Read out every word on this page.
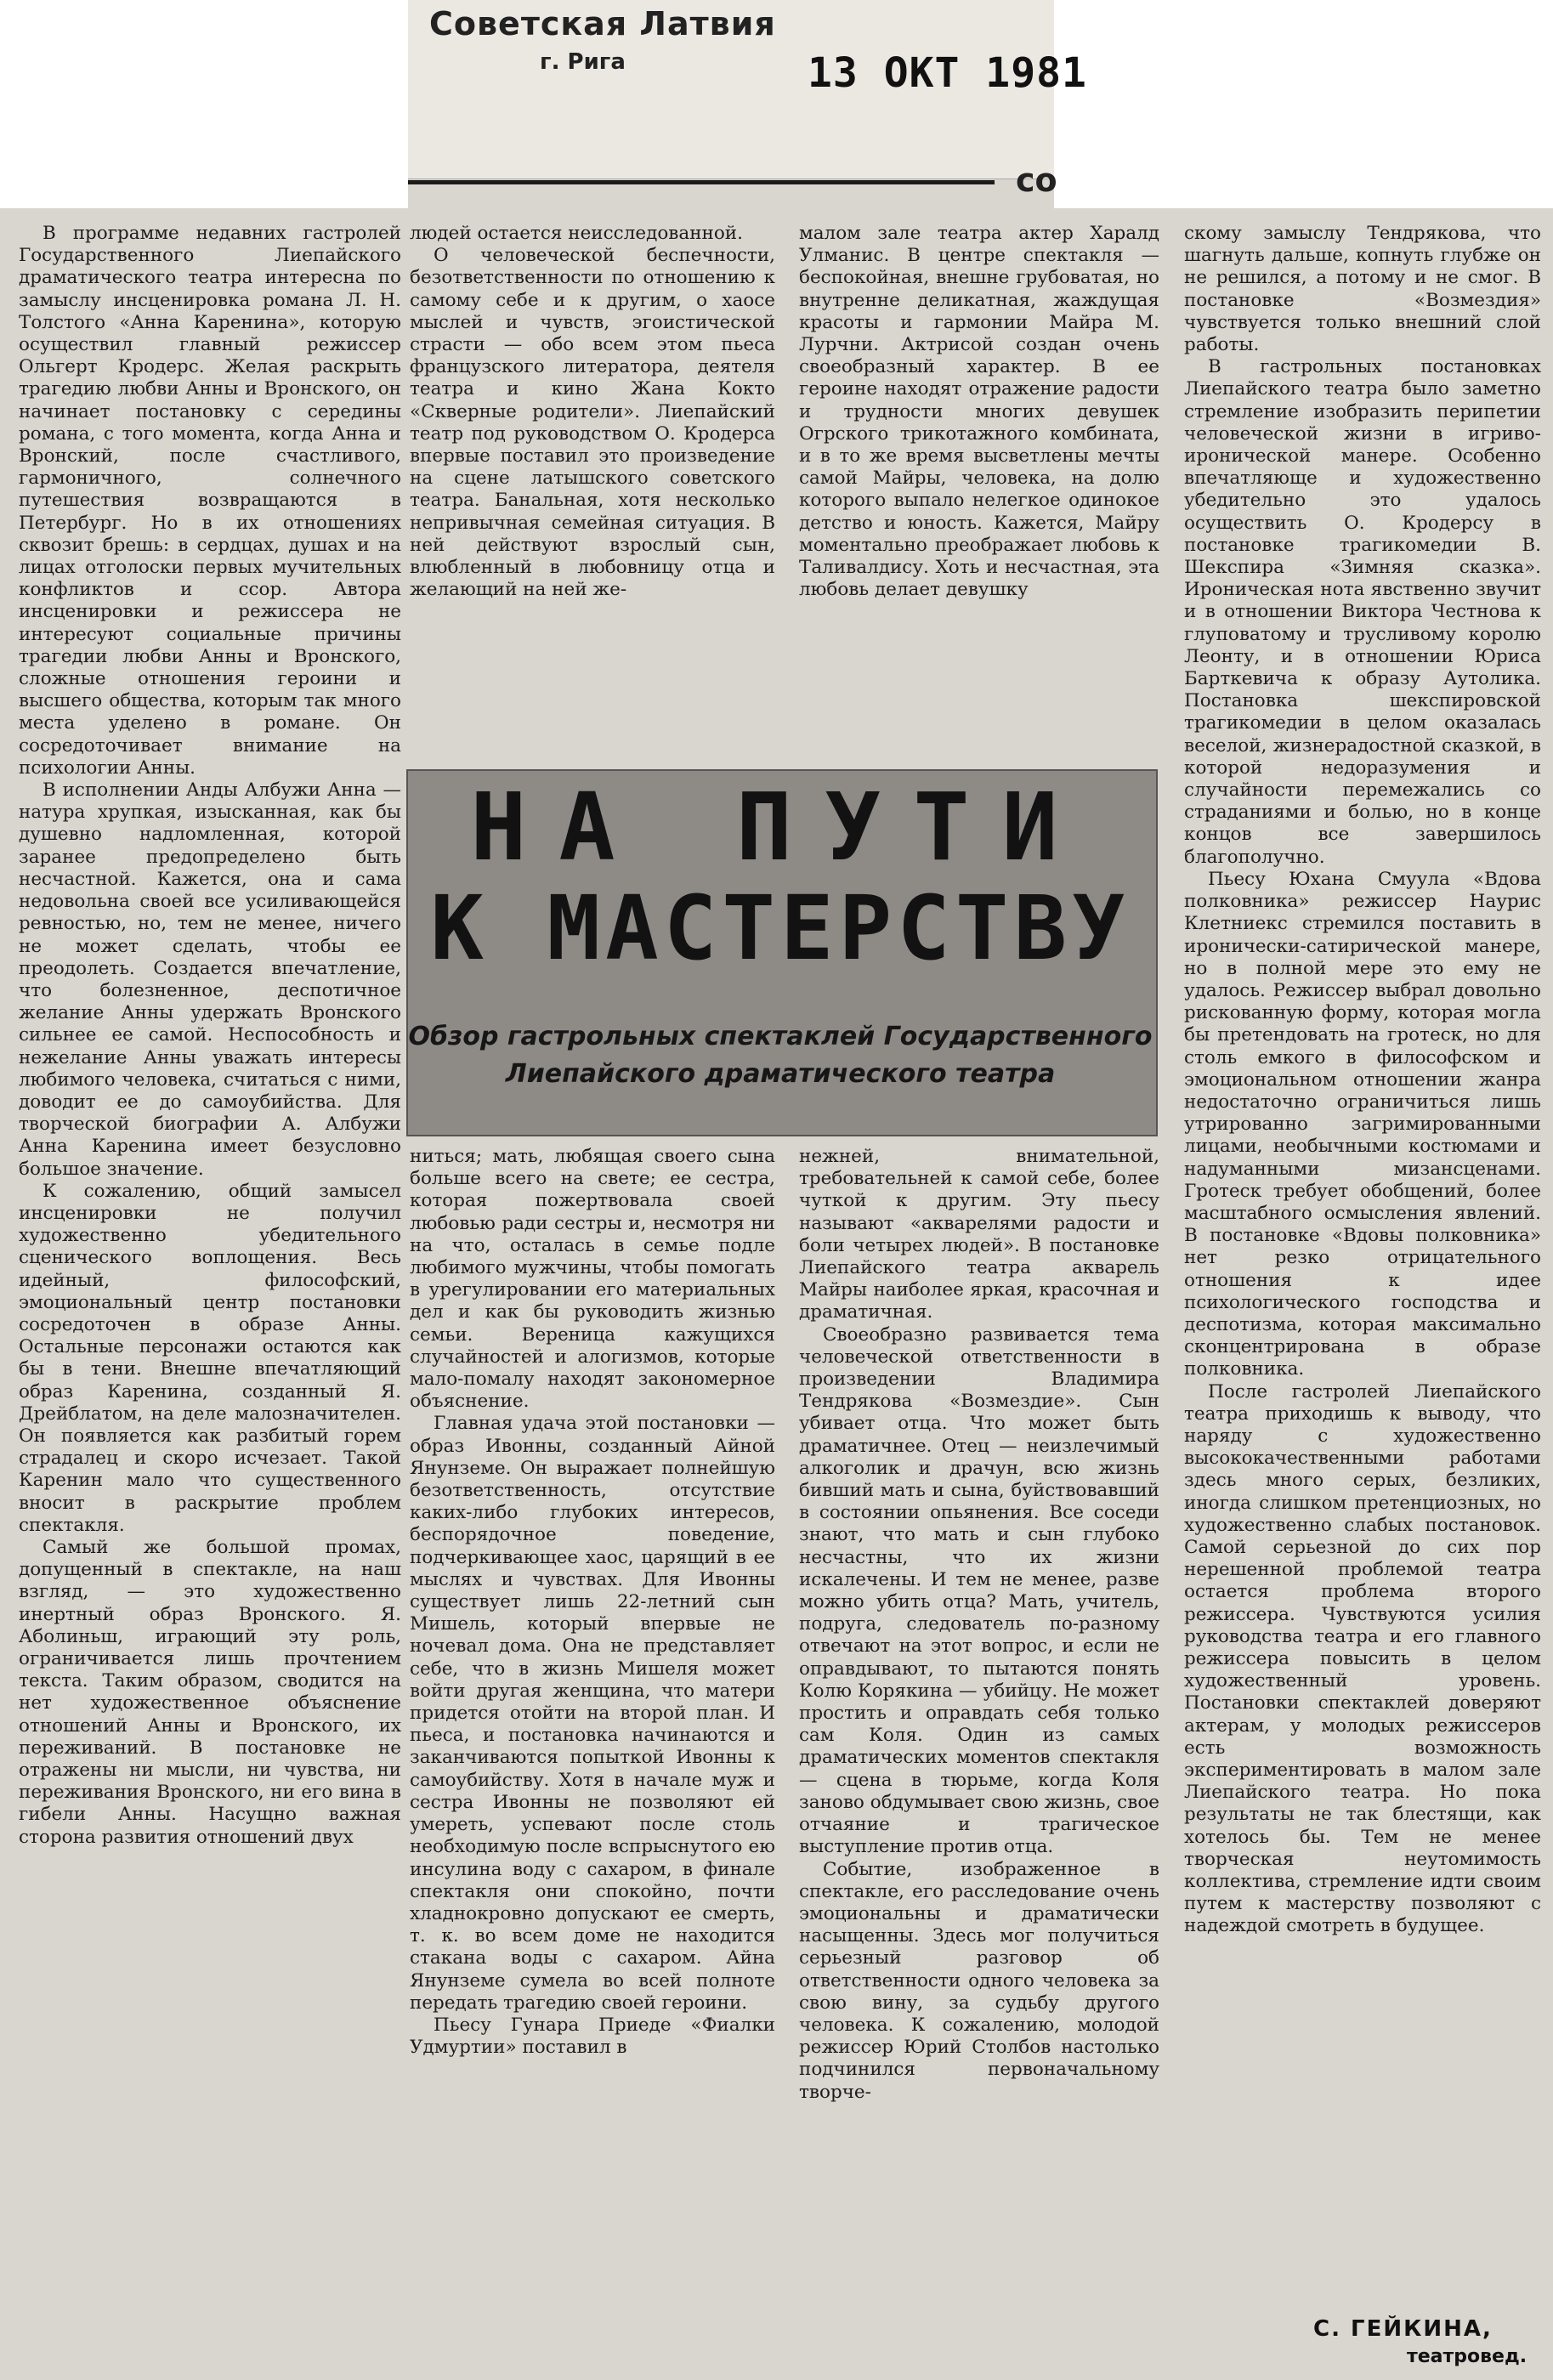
Советская Латвия
г. Рига	13 ОКТ 1981
со

В программе недавних гастролей Государственного Лиепайского драматического театра интересна по замыслу инсценировка романа Л. Н. Толстого «Анна Каренина», которую осуществил главный режиссер Ольгерт Кродерс. Желая раскрыть трагедию любви Анны и Вронского, он начинает постановку с середины романа, с того момента, когда Анна и Вронский, после счастливого, гармоничного, солнечного путешествия возвращаются в Петербург. Но в их отношениях сквозит брешь: в сердцах, душах и на лицах отголоски первых мучительных конфликтов и ссор. Автора инсценировки и режиссера не интересуют социальные причины трагедии любви Анны и Вронского, сложные отношения героини и высшего общества, которым так много места уделено в романе. Он сосредоточивает внимание на психологии Анны.

В исполнении Анды Албужи Анна — натура хрупкая, изысканная, как бы душевно надломленная, которой заранее предопределено быть несчастной. Кажется, она и сама недовольна своей все усиливающейся ревностью, но, тем не менее, ничего не может сделать, чтобы ее преодолеть. Создается впечатление, что болезненное, деспотичное желание Анны удержать Вронского сильнее ее самой. Неспособность и нежелание Анны уважать интересы любимого человека, считаться с ними, доводит ее до самоубийства. Для творческой биографии А. Албужи Анна Каренина имеет безусловно большое значение.

К сожалению, общий замысел инсценировки не получил художественно убедительного сценического воплощения. Весь идейный, философский, эмоциональный центр постановки сосредоточен в образе Анны. Остальные персонажи остаются как бы в тени. Внешне впечатляющий образ Каренина, созданный Я. Дрейблатом, на деле малозначителен. Он появляется как разбитый горем страдалец и скоро исчезает. Такой Каренин мало что существенного вносит в раскрытие проблем спектакля.

Самый же большой промах, допущенный в спектакле, на наш взгляд, — это художественно инертный образ Вронского. Я. Аболиньш, играющий эту роль, ограничивается лишь прочтением текста. Таким образом, сводится на нет художественное объяснение отношений Анны и Вронского, их переживаний. В постановке не отражены ни мысли, ни чувства, ни переживания Вронского, ни его вина в гибели Анны. Насущно важная сторона развития отношений двух

людей остается неисследованной.

О человеческой беспечности, безответственности по отношению к самому себе и к другим, о хаосе мыслей и чувств, эгоистической страсти — обо всем этом пьеса французского литератора, деятеля театра и кино Жана Кокто «Скверные родители». Лиепайский театр под руководством О. Кродерса впервые поставил это произведение на сцене латышского советского театра. Банальная, хотя несколько непривычная семейная ситуация. В ней действуют взрослый сын, влюбленный в любовницу отца и желающий на ней же-

малом зале театра актер Харалд Улманис. В центре спектакля — беспокойная, внешне грубоватая, но внутренне деликатная, жаждущая красоты и гармонии Майра М. Лурчни. Актрисой создан очень своеобразный характер. В ее героине находят отражение радости и трудности многих девушек Огрского трикотажного комбината, и в то же время высветлены мечты самой Майры, человека, на долю которого выпало нелегкое одинокое детство и юность. Кажется, Майру моментально преображает любовь к Таливалдису. Хоть и несчастная, эта любовь делает девушку

НА ПУТИ
К МАСТЕРСТВУ
Обзор гастрольных спектаклей Государственного Лиепайского драматического театра

ниться; мать, любящая своего сына больше всего на свете; ее сестра, которая пожертвовала своей любовью ради сестры и, несмотря ни на что, осталась в семье подле любимого мужчины, чтобы помогать в урегулировании его материальных дел и как бы руководить жизнью семьи. Вереница кажущихся случайностей и алогизмов, которые мало-помалу находят закономерное объяснение.

Главная удача этой постановки — образ Ивонны, созданный Айной Янунземе. Он выражает полнейшую безответственность, отсутствие каких-либо глубоких интересов, беспорядочное поведение, подчеркивающее хаос, царящий в ее мыслях и чувствах. Для Ивонны существует лишь 22-летний сын Мишель, который впервые не ночевал дома. Она не представляет себе, что в жизнь Мишеля может войти другая женщина, что матери придется отойти на второй план. И пьеса, и постановка начинаются и заканчиваются попыткой Ивонны к самоубийству. Хотя в начале муж и сестра Ивонны не позволяют ей умереть, успевают после столь необходимую после вспрыснутого ею инсулина воду с сахаром, в финале спектакля они спокойно, почти хладнокровно допускают ее смерть, т. к. во всем доме не находится стакана воды с сахаром. Айна Янунземе сумела во всей полноте передать трагедию своей героини.

Пьесу Гунара Приеде «Фиалки Удмуртии» поставил в

нежней, внимательной, требовательней к самой себе, более чуткой к другим. Эту пьесу называют «акварелями радости и боли четырех людей». В постановке Лиепайского театра акварель Майры наиболее яркая, красочная и драматичная.

Своеобразно развивается тема человеческой ответственности в произведении Владимира Тендрякова «Возмездие». Сын убивает отца. Что может быть драматичнее. Отец — неизлечимый алкоголик и драчун, всю жизнь бивший мать и сына, буйствовавший в состоянии опьянения. Все соседи знают, что мать и сын глубоко несчастны, что их жизни искалечены. И тем не менее, разве можно убить отца? Мать, учитель, подруга, следователь по-разному отвечают на этот вопрос, и если не оправдывают, то пытаются понять Колю Корякина — убийцу. Не может простить и оправдать себя только сам Коля. Один из самых драматических моментов спектакля — сцена в тюрьме, когда Коля заново обдумывает свою жизнь, свое отчаяние и трагическое выступление против отца.

Событие, изображенное в спектакле, его расследование очень эмоциональны и драматически насыщенны. Здесь мог получиться серьезный разговор об ответственности одного человека за свою вину, за судьбу другого человека. К сожалению, молодой режиссер Юрий Столбов настолько подчинился первоначальному творче-

скому замыслу Тендрякова, что шагнуть дальше, копнуть глубже он не решился, а потому и не смог. В постановке «Возмездия» чувствуется только внешний слой работы.

В гастрольных постановках Лиепайского театра было заметно стремление изобразить перипетии человеческой жизни в игриво-иронической манере. Особенно впечатляюще и художественно убедительно это удалось осуществить О. Кродерсу в постановке трагикомедии В. Шекспира «Зимняя сказка». Ироническая нота явственно звучит и в отношении Виктора Честнова к глуповатому и трусливому королю Леонту, и в отношении Юриса Барткевича к образу Аутолика. Постановка шекспировской трагикомедии в целом оказалась веселой, жизнерадостной сказкой, в которой недоразумения и случайности перемежались со страданиями и болью, но в конце концов все завершилось благополучно.

Пьесу Юхана Смуула «Вдова полковника» режиссер Наурис Клетниекс стремился поставить в иронически-сатирической манере, но в полной мере это ему не удалось. Режиссер выбрал довольно рискованную форму, которая могла бы претендовать на гротеск, но для столь емкого в философском и эмоциональном отношении жанра недостаточно ограничиться лишь утрированно загримированными лицами, необычными костюмами и надуманными мизансценами. Гротеск требует обобщений, более масштабного осмысления явлений. В постановке «Вдовы полковника» нет резко отрицательного отношения к идее психологического господства и деспотизма, которая максимально сконцентрирована в образе полковника.

После гастролей Лиепайского театра приходишь к выводу, что наряду с художественно высококачественными работами здесь много серых, безликих, иногда слишком претенциозных, но художественно слабых постановок. Самой серьезной до сих пор нерешенной проблемой театра остается проблема второго режиссера. Чувствуются усилия руководства театра и его главного режиссера повысить в целом художественный уровень. Постановки спектаклей доверяют актерам, у молодых режиссеров есть возможность экспериментировать в малом зале Лиепайского театра. Но пока результаты не так блестящи, как хотелось бы. Тем не менее творческая неутомимость коллектива, стремление идти своим путем к мастерству позволяют с надеждой смотреть в будущее.

С. ГЕЙКИНА,
театровед.
